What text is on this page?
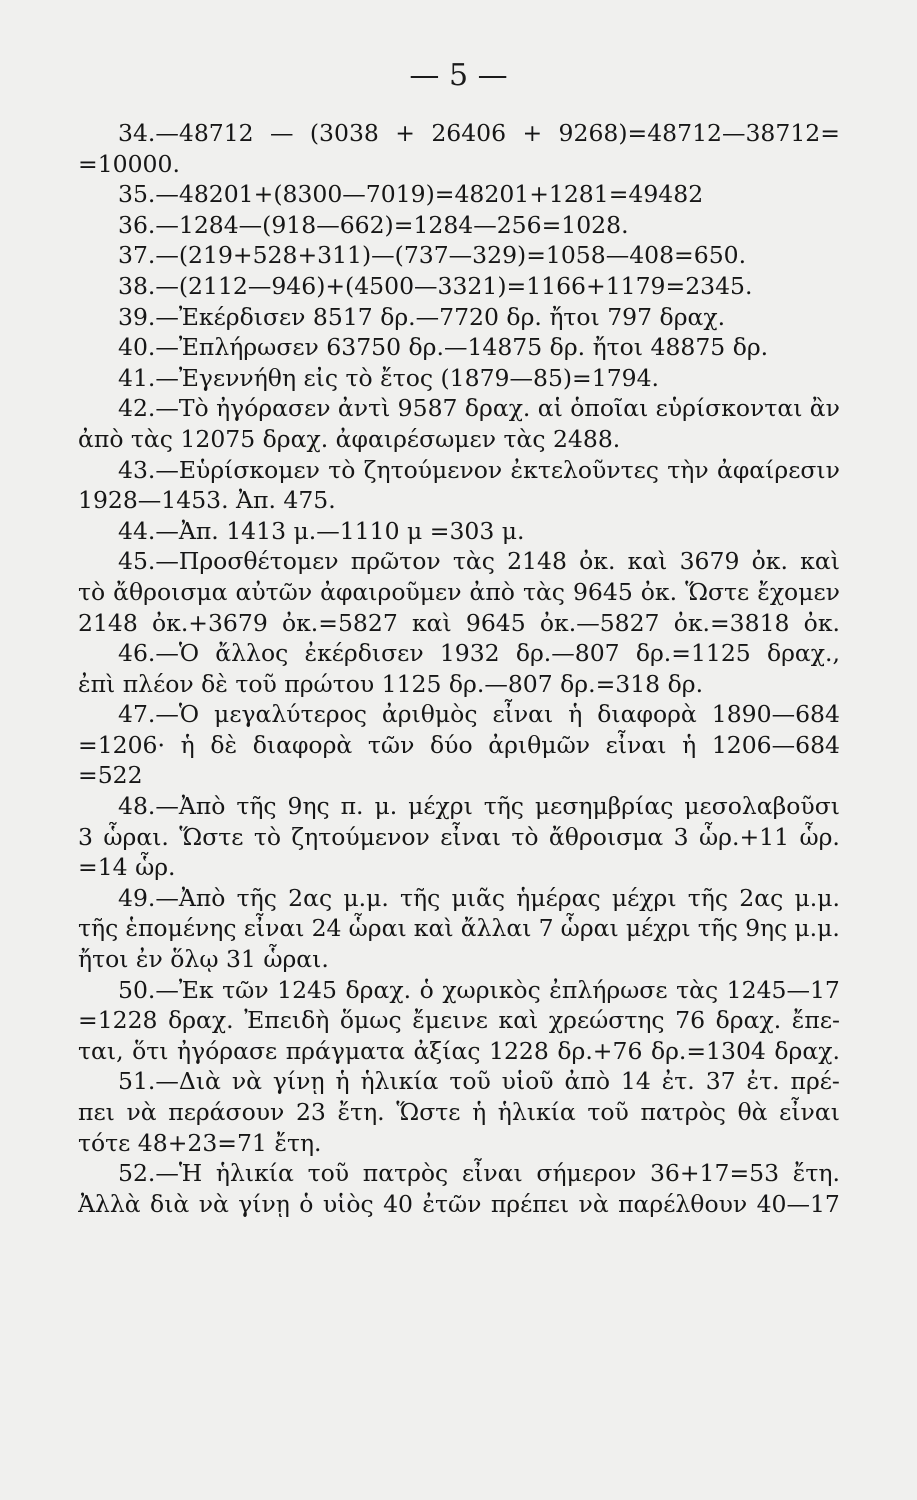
— 5 —
34.—48712 — (3038 + 26406 + 9268)=48712—38712=
=10000.
35.—48201+(8300—7019)=48201+1281=49482
36.—1284—(918—662)=1284—256=1028.
37.—(219+528+311)—(737—329)=1058—408=650.
38.—(2112—946)+(4500—3321)=1166+1179=2345.
39.—Ἐκέρδισεν 8517 δρ.—7720 δρ. ἤτοι 797 δραχ.
40.—Ἐπλήρωσεν 63750 δρ.—14875 δρ. ἤτοι 48875 δρ.
41.—Ἐγεννήθη εἰς τὸ ἔτος (1879—85)=1794.
42.—Τὸ ἠγόρασεν ἀντὶ 9587 δραχ. αἱ ὁποῖαι εὑρίσκονται ἂν
ἀπὸ τὰς 12075 δραχ. ἀφαιρέσωμεν τὰς 2488.
43.—Εὑρίσκομεν τὸ ζητούμενον ἐκτελοῦντες τὴν ἀφαίρεσιν
1928—1453. Ἀπ. 475.
44.—Ἀπ. 1413 μ.—1110 μ =303 μ.
45.—Προσθέτομεν πρῶτον τὰς 2148 ὀκ. καὶ 3679 ὀκ. καὶ
τὸ ἄθροισμα αὐτῶν ἀφαιροῦμεν ἀπὸ τὰς 9645 ὀκ. Ὥστε ἔχομεν
2148 ὀκ.+3679 ὀκ.=5827 καὶ 9645 ὀκ.—5827 ὀκ.=3818 ὀκ.
46.—Ὁ ἄλλος ἐκέρδισεν 1932 δρ.—807 δρ.=1125 δραχ.,
ἐπὶ πλέον δὲ τοῦ πρώτου 1125 δρ.—807 δρ.=318 δρ.
47.—Ὁ μεγαλύτερος ἀριθμὸς εἶναι ἡ διαφορὰ 1890—684
=1206· ἡ δὲ διαφορὰ τῶν δύο ἀριθμῶν εἶναι ἡ 1206—684
=522
48.—Ἀπὸ τῆς 9ης π. μ. μέχρι τῆς μεσημβρίας μεσολαβοῦσι
3 ὧραι. Ὥστε τὸ ζητούμενον εἶναι τὸ ἄθροισμα 3 ὧρ.+11 ὧρ.
=14 ὧρ.
49.—Ἀπὸ τῆς 2ας μ.μ. τῆς μιᾶς ἡμέρας μέχρι τῆς 2ας μ.μ.
τῆς ἑπομένης εἶναι 24 ὧραι καὶ ἄλλαι 7 ὧραι μέχρι τῆς 9ης μ.μ.
ἤτοι ἐν ὅλῳ 31 ὧραι.
50.—Ἐκ τῶν 1245 δραχ. ὁ χωρικὸς ἐπλήρωσε τὰς 1245—17
=1228 δραχ. Ἐπειδὴ ὅμως ἔμεινε καὶ χρεώστης 76 δραχ. ἔπε-
ται, ὅτι ἠγόρασε πράγματα ἀξίας 1228 δρ.+76 δρ.=1304 δραχ.
51.—Διὰ νὰ γίνῃ ἡ ἡλικία τοῦ υἱοῦ ἀπὸ 14 ἐτ. 37 ἐτ. πρέ-
πει νὰ περάσουν 23 ἔτη. Ὥστε ἡ ἡλικία τοῦ πατρὸς θὰ εἶναι
τότε 48+23=71 ἔτη.
52.—Ἡ ἡλικία τοῦ πατρὸς εἶναι σήμερον 36+17=53 ἔτη.
Ἀλλὰ διὰ νὰ γίνῃ ὁ υἱὸς 40 ἐτῶν πρέπει νὰ παρέλθουν 40—17
